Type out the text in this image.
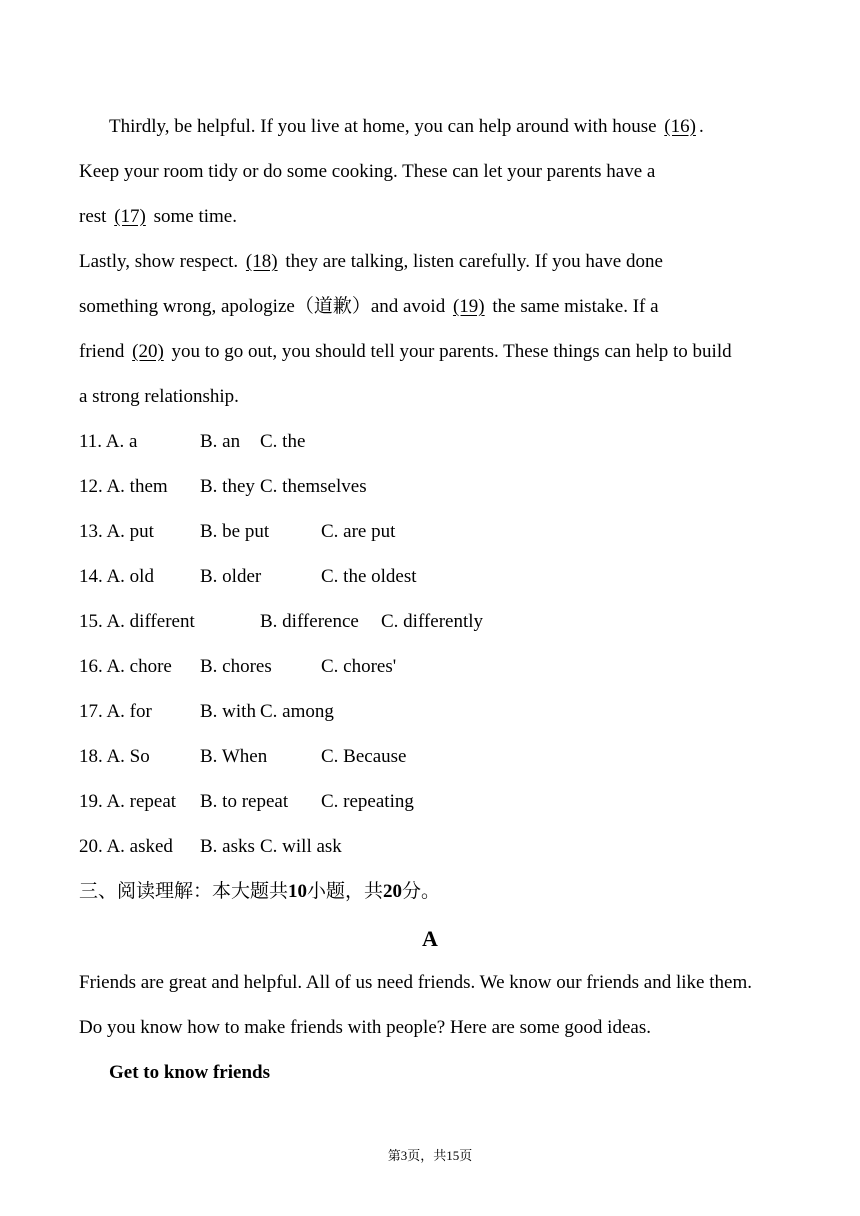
Thirdly, be helpful. If you live at home, you can help around with house (16) .
Keep your room tidy or do some cooking. These can let your parents have a
rest (17) some time.
Lastly, show respect. (18) they are talking, listen carefully. If you have done
something wrong, apologize（道歉）and avoid (19) the same mistake. If a
friend (20) you to go out, you should tell your parents. These things can help to build
a strong relationship.
11. A. a	B. an C. the
12. A. them B. they C. themselves
13. A. put B. be put	C. are put
14. A. old B. older	C. the oldest
15. A. different	B. difference C. differently
16. A. chore B. chores	C. chores'
17. A. for	B. with C. among
18. A. So	B. When	C. Because
19. A. repeat B. to repeat C. repeating
20. A. asked B. asks C. will ask
三、阅读理解：本大题共10小题，共20分。
A
Friends are great and helpful. All of us need friends. We know our friends and like them.
Do you know how to make friends with people? Here are some good ideas.
Get to know friends
第3页，共15页
